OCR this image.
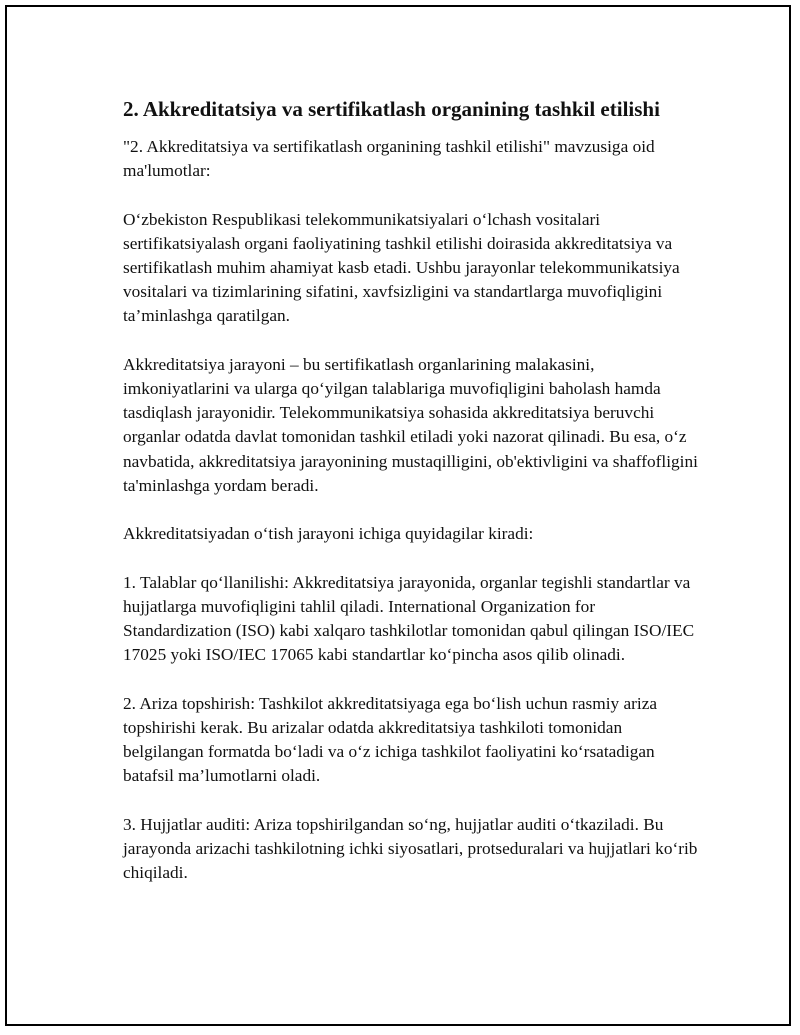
2. Akkreditatsiya va sertifikatlash organining tashkil etilishi

"2. Akkreditatsiya va sertifikatlash organining tashkil etilishi" mavzusiga oid ma'lumotlar:

O‘zbekiston Respublikasi telekommunikatsiyalari o‘lchash vositalari sertifikatsiyalash organi faoliyatining tashkil etilishi doirasida akkreditatsiya va sertifikatlash muhim ahamiyat kasb etadi. Ushbu jarayonlar telekommunikatsiya vositalari va tizimlarining sifatini, xavfsizligini va standartlarga muvofiqligini ta’minlashga qaratilgan.

Akkreditatsiya jarayoni – bu sertifikatlash organlarining malakasini, imkoniyatlarini va ularga qo‘yilgan talablariga muvofiqligini baholash hamda tasdiqlash jarayonidir. Telekommunikatsiya sohasida akkreditatsiya beruvchi organlar odatda davlat tomonidan tashkil etiladi yoki nazorat qilinadi. Bu esa, o‘z navbatida, akkreditatsiya jarayonining mustaqilligini, ob'ektivligini va shaffofligini ta'minlashga yordam beradi.

Akkreditatsiyadan o‘tish jarayoni ichiga quyidagilar kiradi:

1. Talablar qo‘llanilishi: Akkreditatsiya jarayonida, organlar tegishli standartlar va hujjatlarga muvofiqligini tahlil qiladi. International Organization for Standardization (ISO) kabi xalqaro tashkilotlar tomonidan qabul qilingan ISO/IEC 17025 yoki ISO/IEC 17065 kabi standartlar ko‘pincha asos qilib olinadi.

2. Ariza topshirish: Tashkilot akkreditatsiyaga ega bo‘lish uchun rasmiy ariza topshirishi kerak. Bu arizalar odatda akkreditatsiya tashkiloti tomonidan belgilangan formatda bo‘ladi va o‘z ichiga tashkilot faoliyatini ko‘rsatadigan batafsil ma’lumotlarni oladi.

3. Hujjatlar auditi: Ariza topshirilgandan so‘ng, hujjatlar auditi o‘tkaziladi. Bu jarayonda arizachi tashkilotning ichki siyosatlari, protseduralari va hujjatlari ko‘rib chiqiladi.
